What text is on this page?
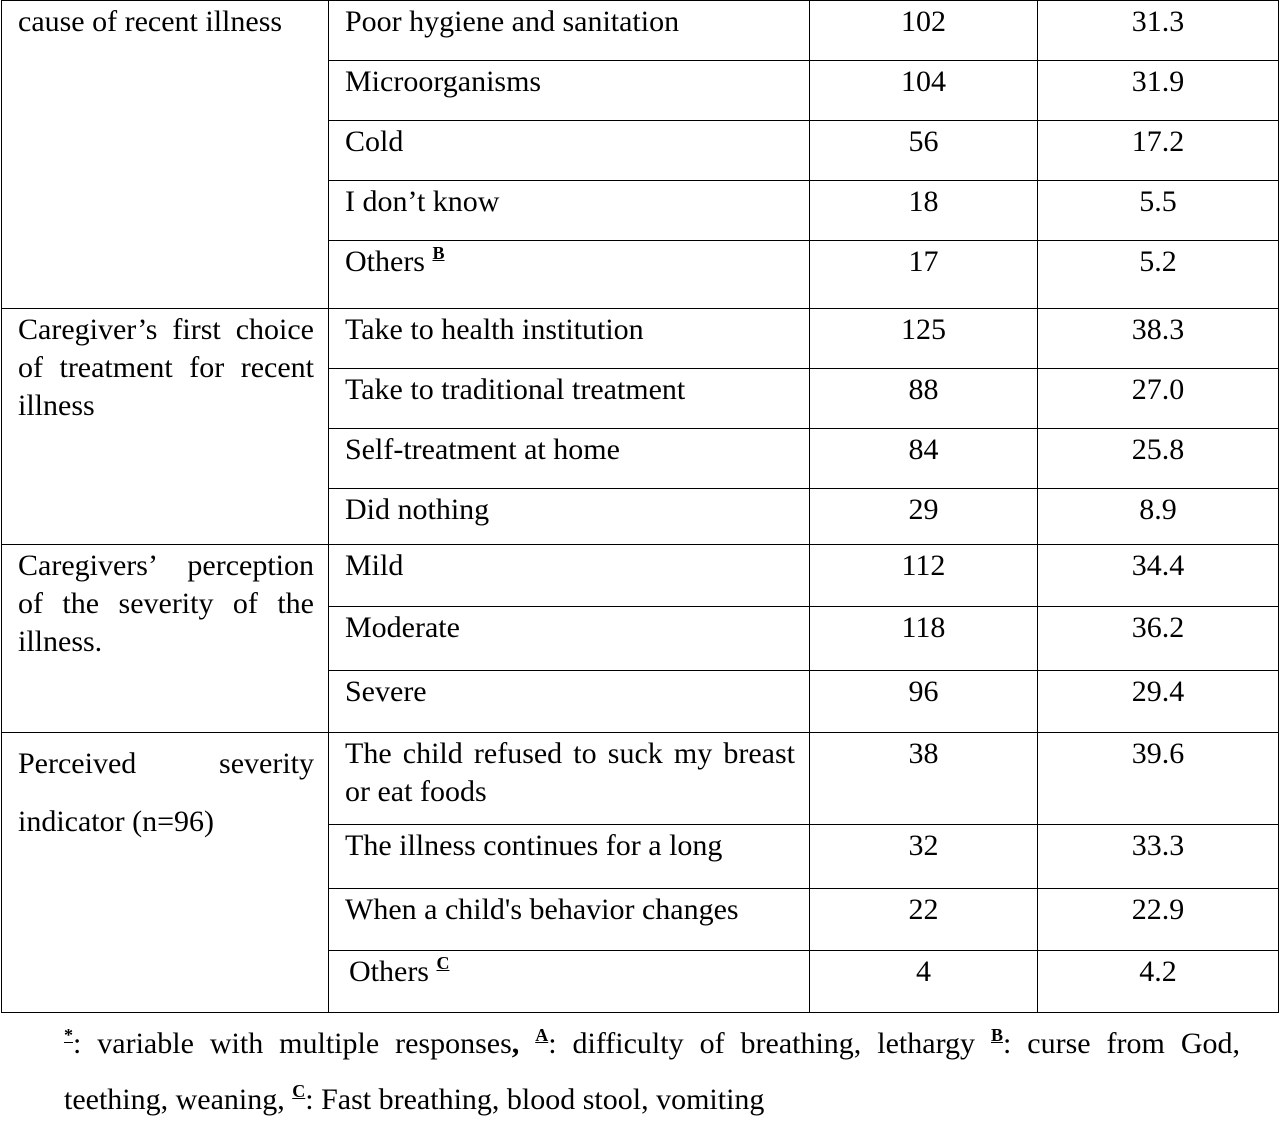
cause of recent illness	Poor hygiene and sanitation	102	31.3
	Microorganisms	104	31.9
	Cold	56	17.2
	I don’t know	18	5.5
	Others $^B$	17	5.2
Caregiver’s first choice of treatment for recent illness	Take to health institution	125	38.3
	Take to traditional treatment	88	27.0
	Self-treatment at home	84	25.8
	Did nothing	29	8.9
Caregivers’ perception of the severity of the illness.	Mild	112	34.4
	Moderate	118	36.2
	Severe	96	29.4

Perceived severity indicator (n=96)	The child refused to suck my breast or eat foods	38	39.6
	The illness continues for a long	32	33.3
	When a child's behavior changes	22	22.9
	Others $^C$	4	4.2
*: variable with multiple responses, $^A$: difficulty of breathing, lethargy $^B$: curse from God, teething, weaning, $^C$: Fast breathing, blood stool, vomiting
